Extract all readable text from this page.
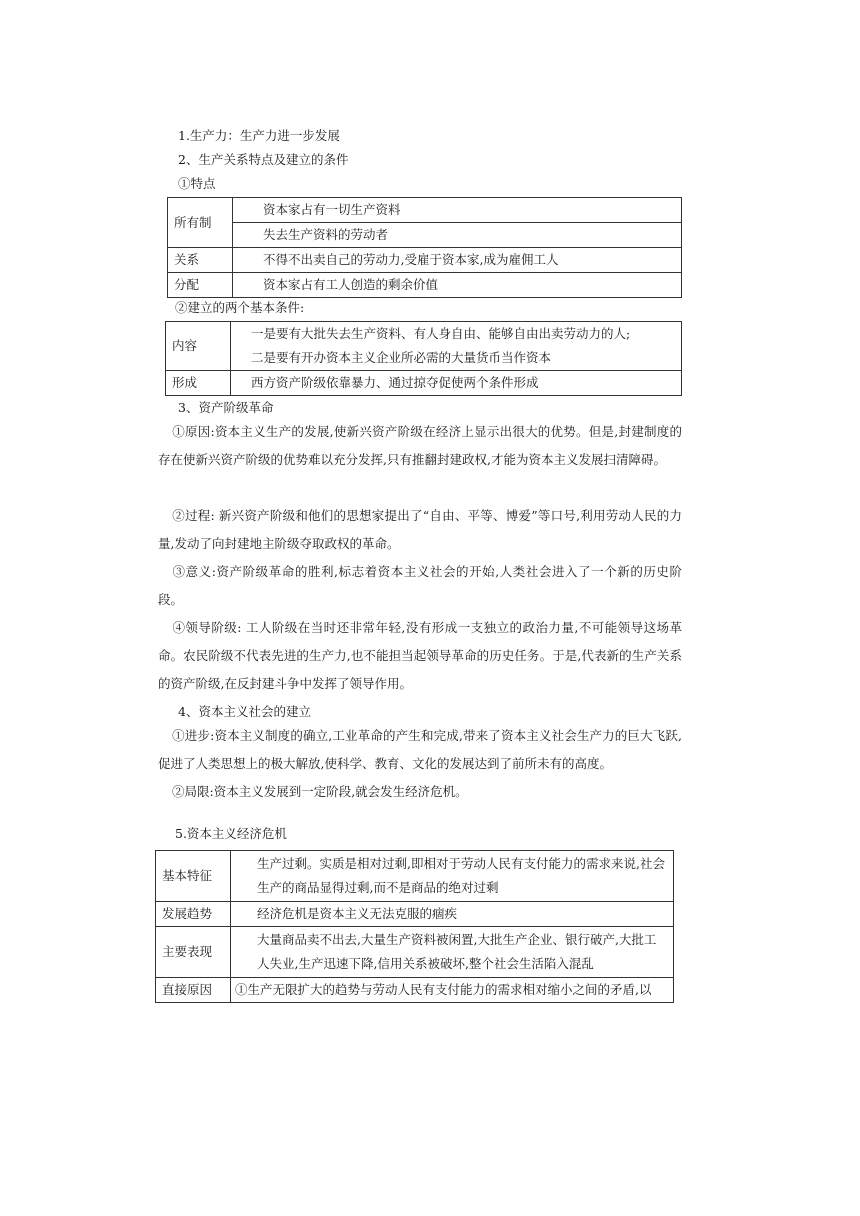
1.生产力：生产力进一步发展
2、生产关系特点及建立的条件
①特点
所有制	资本家占有一切生产资料
	失去生产资料的劳动者
关系	不得不出卖自己的劳动力,受雇于资本家,成为雇佣工人
分配	资本家占有工人创造的剩余价值
②建立的两个基本条件:
内容	一是要有大批失去生产资料、有人身自由、能够自由出卖劳动力的人;
二是要有开办资本主义企业所必需的大量货币当作资本

形成	西方资产阶级依靠暴力、通过掠夺促使两个条件形成
3、资产阶级革命
①原因:资本主义生产的发展,使新兴资产阶级在经济上显示出很大的优势。但是,封建制度的存在使新兴资产阶级的优势难以充分发挥,只有推翻封建政权,才能为资本主义发展扫清障碍。
②过程: 新兴资产阶级和他们的思想家提出了“自由、平等、博爱”等口号,利用劳动人民的力量,发动了向封建地主阶级夺取政权的革命。
③意义:资产阶级革命的胜利,标志着资本主义社会的开始,人类社会进入了一个新的历史阶段。
④领导阶级: 工人阶级在当时还非常年轻,没有形成一支独立的政治力量,不可能领导这场革命。农民阶级不代表先进的生产力,也不能担当起领导革命的历史任务。于是,代表新的生产关系的资产阶级,在反封建斗争中发挥了领导作用。
4、资本主义社会的建立
①进步:资本主义制度的确立,工业革命的产生和完成,带来了资本主义社会生产力的巨大飞跃,促进了人类思想上的极大解放,使科学、教育、文化的发展达到了前所未有的高度。
②局限:资本主义发展到一定阶段,就会发生经济危机。
5.资本主义经济危机
基本特征	生产过剩。实质是相对过剩,即相对于劳动人民有支付能力的需求来说,社会生产的商品显得过剩,而不是商品的绝对过剩
发展趋势	经济危机是资本主义无法克服的痼疾
主要表现	大量商品卖不出去,大量生产资料被闲置,大批生产企业、银行破产,大批工人失业,生产迅速下降,信用关系被破坏,整个社会生活陷入混乱
直接原因	①生产无限扩大的趋势与劳动人民有支付能力的需求相对缩小之间的矛盾,以
